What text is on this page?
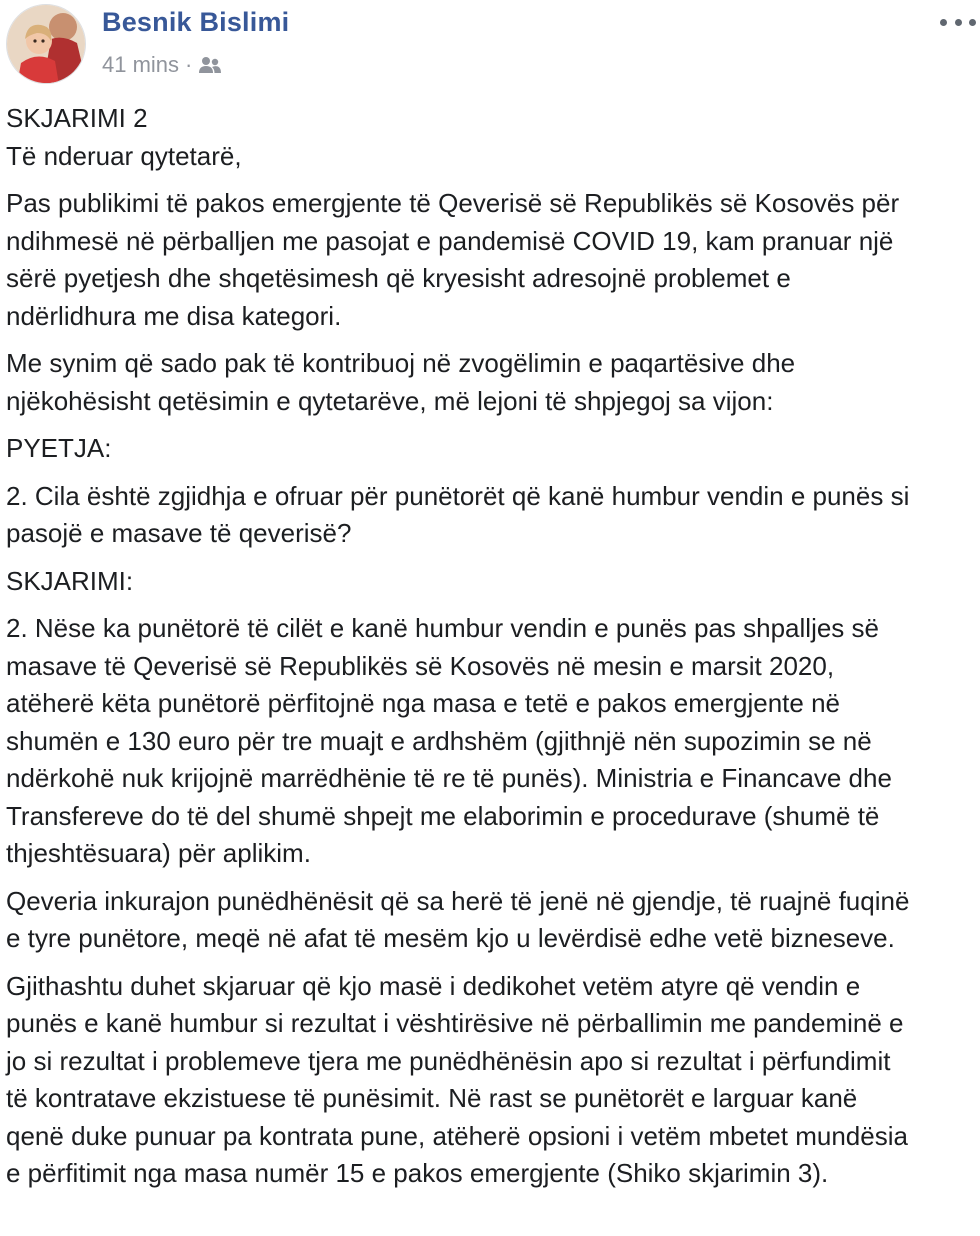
Besnik Bislimi
41 mins ·

SKJARIMI 2

Të nderuar qytetarë,

Pas publikimi të pakos emergjente të Qeverisë së Republikës së Kosovës për
ndihmesë në përballjen me pasojat e pandemisë COVID 19, kam pranuar një
sërë pyetjesh dhe shqetësimesh që kryesisht adresojnë problemet e
ndërlidhura me disa kategori.

Me synim që sado pak të kontribuoj në zvogëlimin e paqartësive dhe
njëkohësisht qetësimin e qytetarëve, më lejoni të shpjegoj sa vijon:

PYETJA:

2. Cila është zgjidhja e ofruar për punëtorët që kanë humbur vendin e punës si
pasojë e masave të qeverisë?

SKJARIMI:

2. Nëse ka punëtorë të cilët e kanë humbur vendin e punës pas shpalljes së
masave të Qeverisë së Republikës së Kosovës në mesin e marsit 2020,
atëherë këta punëtorë përfitojnë nga masa e tetë e pakos emergjente në
shumën e 130 euro për tre muajt e ardhshëm (gjithnjë nën supozimin se në
ndërkohë nuk krijojnë marrëdhënie të re të punës). Ministria e Financave dhe
Transfereve do të del shumë shpejt me elaborimin e procedurave (shumë të
thjeshtësuara) për aplikim.

Qeveria inkurajon punëdhënësit që sa herë të jenë në gjendje, të ruajnë fuqinë
e tyre punëtore, meqë në afat të mesëm kjo u levërdisë edhe vetë bizneseve.

Gjithashtu duhet skjaruar që kjo masë i dedikohet vetëm atyre që vendin e
punës e kanë humbur si rezultat i vështirësive në përballimin me pandeminë e
jo si rezultat i problemeve tjera me punëdhënësin apo si rezultat i përfundimit
të kontratave ekzistuese të punësimit. Në rast se punëtorët e larguar kanë
qenë duke punuar pa kontrata pune, atëherë opsioni i vetëm mbetet mundësia
e përfitimit nga masa numër 15 e pakos emergjente (Shiko skjarimin 3).
